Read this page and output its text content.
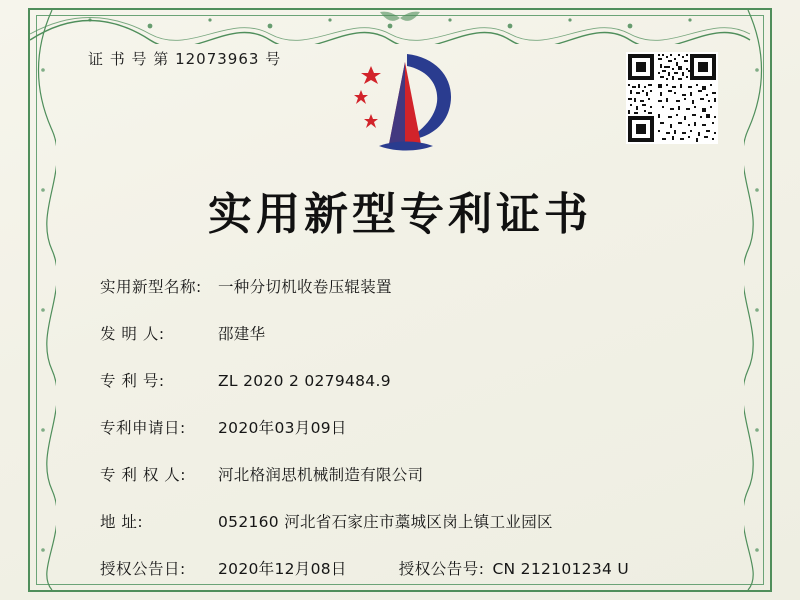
证 书 号 第 12073963 号
实用新型专利证书
实用新型名称:	一种分切机收卷压辊装置
发 明 人:	邵建华
专 利 号:	ZL 2020 2 0279484.9
专利申请日:	2020年03月09日
专 利 权 人:	河北格润思机械制造有限公司
地 址:	052160 河北省石家庄市藁城区岗上镇工业园区
授权公告日:	2020年12月08日	授权公告号: CN 212101234 U
